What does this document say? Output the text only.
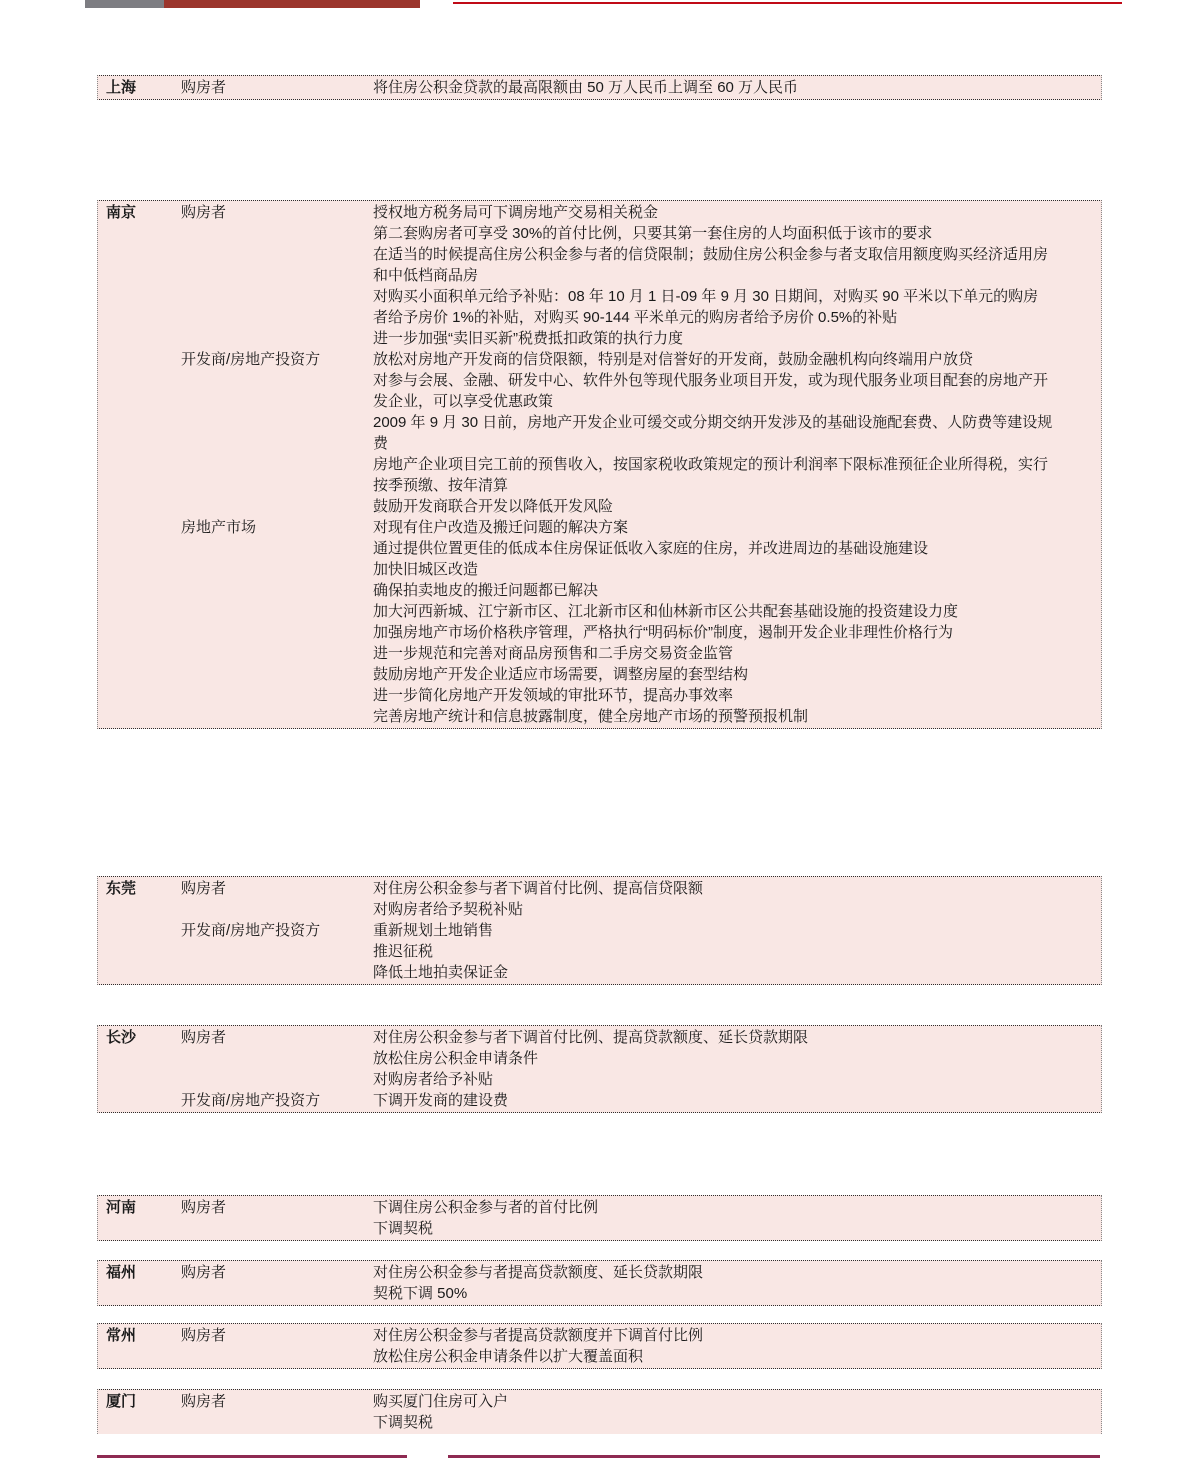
上海	购房者	将住房公积金贷款的最高限额由 50 万人民币上调至 60 万人民币
南京	购房者	授权地方税务局可下调房地产交易相关税金
第二套购房者可享受 30%的首付比例，只要其第一套住房的人均面积低于该市的要求
在适当的时候提高住房公积金参与者的信贷限制；鼓励住房公积金参与者支取信用额度购买经济适用房和中低档商品房
对购买小面积单元给予补贴：08 年 10 月 1 日-09 年 9 月 30 日期间，对购买 90 平米以下单元的购房者给予房价 1%的补贴，对购买 90-144 平米单元的购房者给予房价 0.5%的补贴
进一步加强“卖旧买新”税费抵扣政策的执行力度
开发商/房地产投资方	放松对房地产开发商的信贷限额，特别是对信誉好的开发商，鼓励金融机构向终端用户放贷
对参与会展、金融、研发中心、软件外包等现代服务业项目开发，或为现代服务业项目配套的房地产开发企业，可以享受优惠政策
2009 年 9 月 30 日前，房地产开发企业可缓交或分期交纳开发涉及的基础设施配套费、人防费等建设规费
房地产企业项目完工前的预售收入，按国家税收政策规定的预计利润率下限标准预征企业所得税，实行按季预缴、按年清算
鼓励开发商联合开发以降低开发风险
房地产市场	对现有住户改造及搬迁问题的解决方案
通过提供位置更佳的低成本住房保证低收入家庭的住房，并改进周边的基础设施建设
加快旧城区改造
确保拍卖地皮的搬迁问题都已解决
加大河西新城、江宁新市区、江北新市区和仙林新市区公共配套基础设施的投资建设力度
加强房地产市场价格秩序管理，严格执行“明码标价”制度，遏制开发企业非理性价格行为
进一步规范和完善对商品房预售和二手房交易资金监管
鼓励房地产开发企业适应市场需要，调整房屋的套型结构
进一步简化房地产开发领域的审批环节，提高办事效率
完善房地产统计和信息披露制度，健全房地产市场的预警预报机制
东莞	购房者	对住房公积金参与者下调首付比例、提高信贷限额
对购房者给予契税补贴
开发商/房地产投资方	重新规划土地销售
推迟征税
降低土地拍卖保证金
长沙	购房者	对住房公积金参与者下调首付比例、提高贷款额度、延长贷款期限
放松住房公积金申请条件
对购房者给予补贴
开发商/房地产投资方	下调开发商的建设费
河南	购房者	下调住房公积金参与者的首付比例
下调契税
福州	购房者	对住房公积金参与者提高贷款额度、延长贷款期限
契税下调 50%
常州	购房者	对住房公积金参与者提高贷款额度并下调首付比例
放松住房公积金申请条件以扩大覆盖面积
厦门	购房者	购买厦门住房可入户
下调契税
